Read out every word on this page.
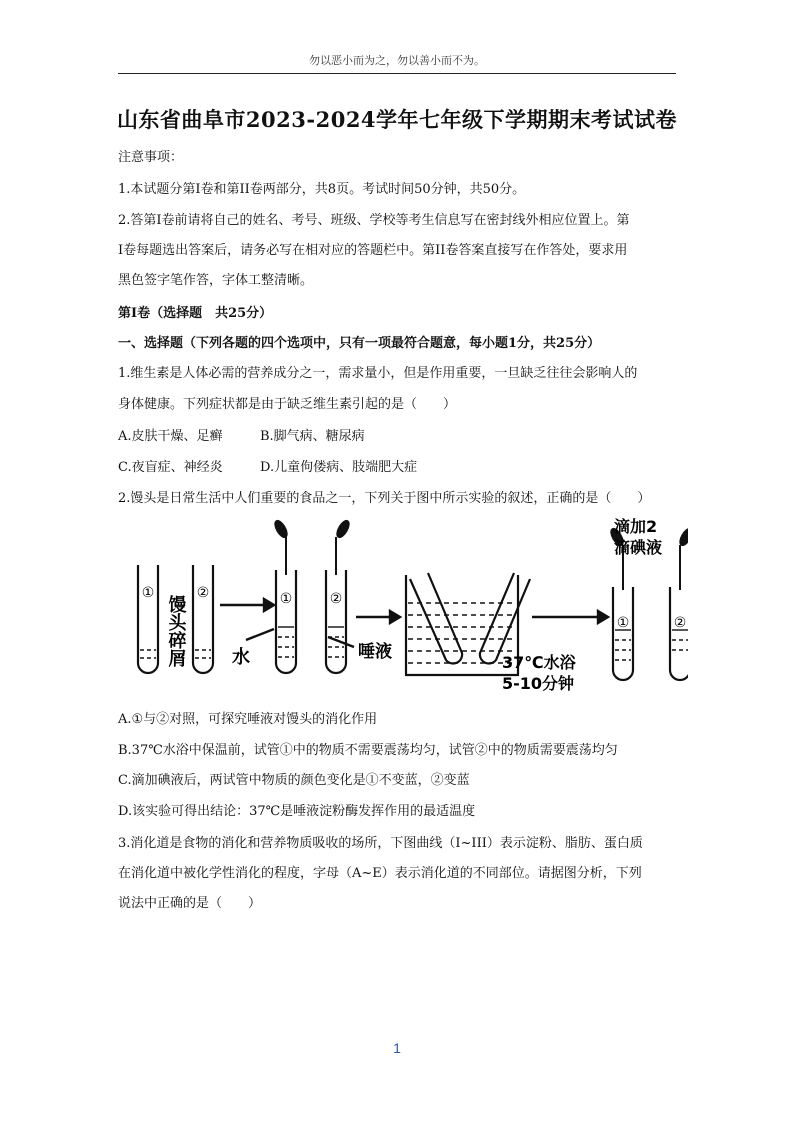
勿以恶小而为之，勿以善小而不为。
山东省曲阜市2023-2024学年七年级下学期期末考试试卷
注意事项：
1.本试题分第I卷和第II卷两部分，共8页。考试时间50分钟，共50分。
2.答第I卷前请将自己的姓名、考号、班级、学校等考生信息写在密封线外相应位置上。第
I卷每题选出答案后，请务必写在相对应的答题栏中。第II卷答案直接写在作答处，要求用
黑色签字笔作答，字体工整清晰。
第I卷（选择题　共25分）
一、选择题（下列各题的四个选项中，只有一项最符合题意，每小题1分，共25分）
1.维生素是人体必需的营养成分之一，需求量小，但是作用重要，一旦缺乏往往会影响人的
身体健康。下列症状都是由于缺乏维生素引起的是（　　）
A.皮肤干燥、足癣	B.脚气病、糖尿病
C.夜盲症、神经炎	D.儿童佝偻病、肢端肥大症
2.馒头是日常生活中人们重要的食品之一，下列关于图中所示实验的叙述，正确的是（　　）
①	②	①	②
①	②
馒头碎屑	水	唾液
37℃水浴
5-10分钟
滴加2
滴碘液
A.①与②对照，可探究唾液对馒头的消化作用
B.37℃水浴中保温前，试管①中的物质不需要震荡均匀，试管②中的物质需要震荡均匀
C.滴加碘液后，两试管中物质的颜色变化是①不变蓝，②变蓝
D.该实验可得出结论：37℃是唾液淀粉酶发挥作用的最适温度
3.消化道是食物的消化和营养物质吸收的场所，下图曲线（I~III）表示淀粉、脂肪、蛋白质
在消化道中被化学性消化的程度，字母（A~E）表示消化道的不同部位。请据图分析，下列
说法中正确的是（　　）
1
